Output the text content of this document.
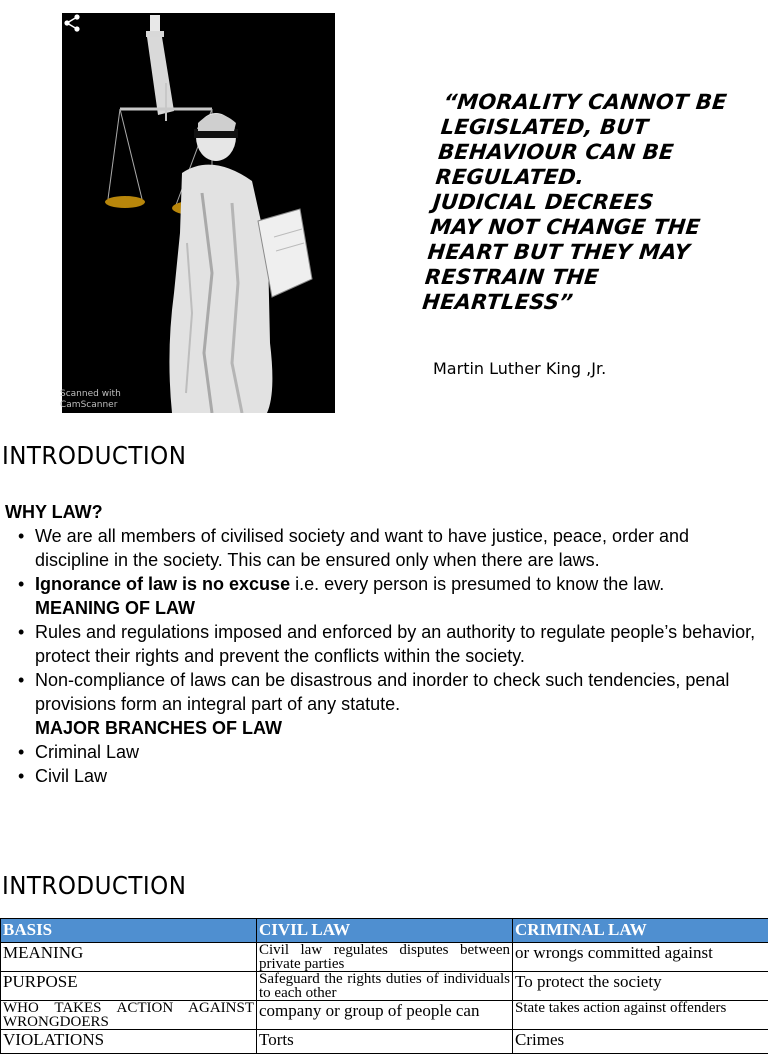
Scanned with
CamScanner
“MORALITY CANNOT BE
LEGISLATED, BUT
BEHAVIOUR CAN BE
REGULATED.
JUDICIAL DECREES
MAY NOT CHANGE THE
HEART BUT THEY MAY
RESTRAIN THE
HEARTLESS”
Martin Luther King ,Jr.
INTRODUCTION
WHY LAW?
• We are all members of civilised society and want to have justice, peace, order and discipline in the society. This can be ensured only when there are laws.
• Ignorance of law is no excuse i.e. every person is presumed to know the law.
MEANING OF LAW
• Rules and regulations imposed and enforced by an authority to regulate people’s behavior, protect their rights and prevent the conflicts within the society.
• Non-compliance of laws can be disastrous and inorder to check such tendencies, penal provisions form an integral part of any statute.
MAJOR BRANCHES OF LAW
• Criminal Law
• Civil Law
INTRODUCTION
BASIS	CIVIL LAW	CRIMINAL LAW
MEANING	Civil law regulates disputes between private parties	or wrongs committed against
PURPOSE	Safeguard the rights duties of individuals to each other	To protect the society
WHO TAKES ACTION AGAINST WRONGDOERS	company or group of people can	State takes action against offenders
VIOLATIONS	Torts	Crimes
